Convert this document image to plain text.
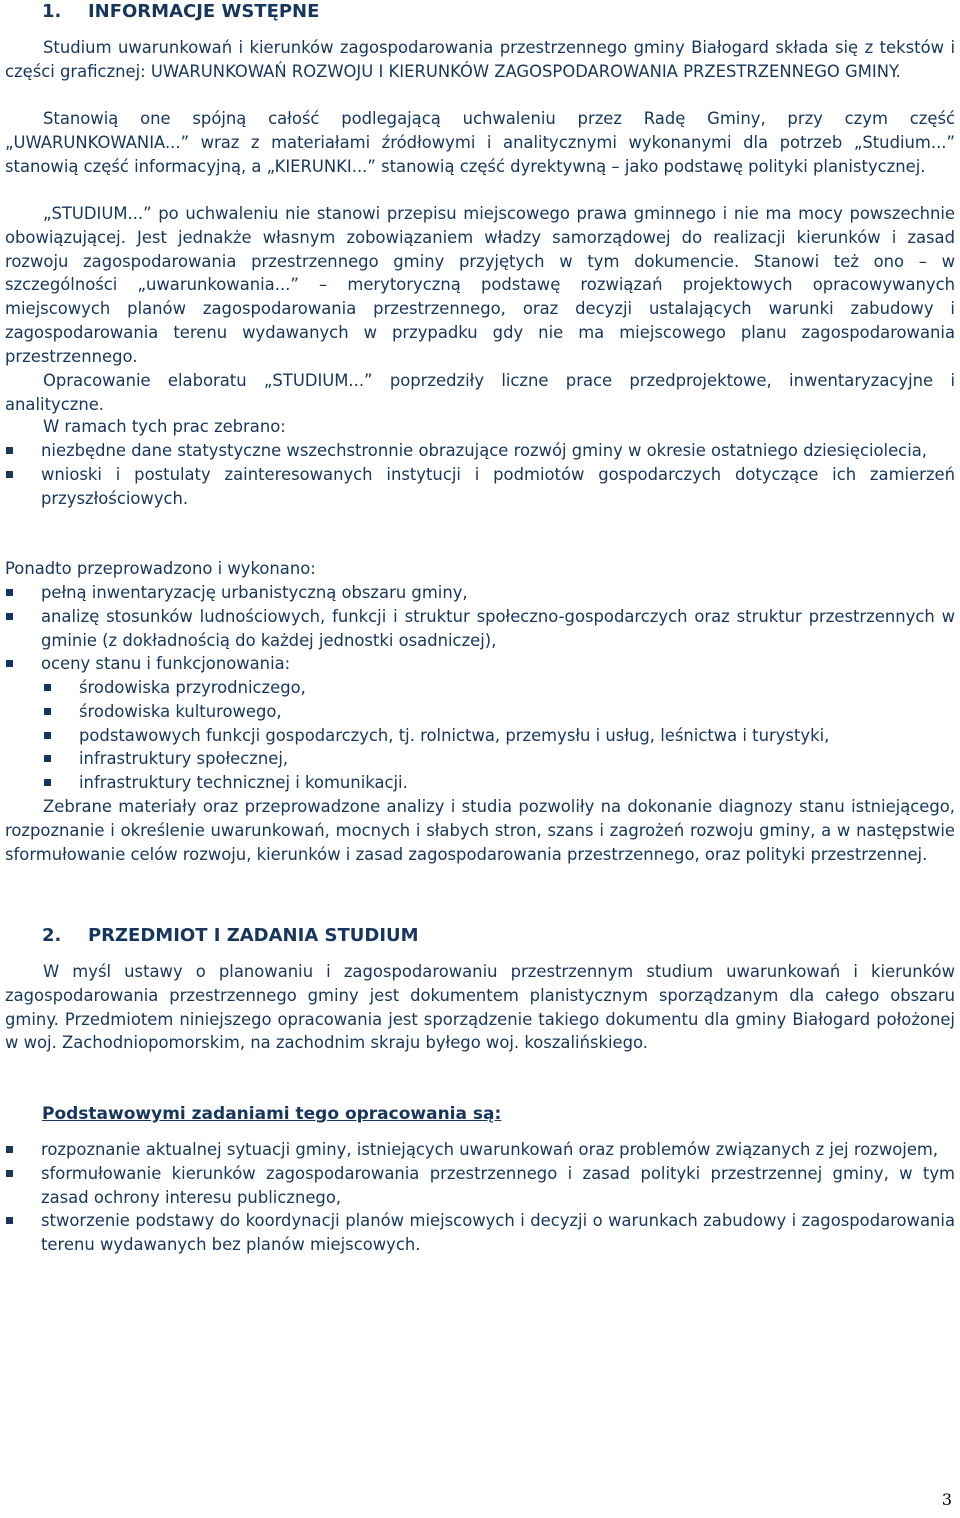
1. INFORMACJE WSTĘPNE
Studium uwarunkowań i kierunków zagospodarowania przestrzennego gminy Białogard składa się z tekstów i części graficznej: UWARUNKOWAŃ ROZWOJU I KIERUNKÓW ZAGOSPODAROWANIA PRZESTRZENNEGO GMINY.
Stanowią one spójną całość podlegającą uchwaleniu przez Radę Gminy, przy czym część „UWARUNKOWANIA...” wraz z materiałami źródłowymi i analitycznymi wykonanymi dla potrzeb „Studium...” stanowią część informacyjną, a „KIERUNKI...” stanowią część dyrektywną – jako podstawę polityki planistycznej.
„STUDIUM...” po uchwaleniu nie stanowi przepisu miejscowego prawa gminnego i nie ma mocy powszechnie obowiązującej. Jest jednakże własnym zobowiązaniem władzy samorządowej do realizacji kierunków i zasad rozwoju zagospodarowania przestrzennego gminy przyjętych w tym dokumencie. Stanowi też ono – w szczególności „uwarunkowania...” – merytoryczną podstawę rozwiązań projektowych opracowywanych miejscowych planów zagospodarowania przestrzennego, oraz decyzji ustalających warunki zabudowy i zagospodarowania terenu wydawanych w przypadku gdy nie ma miejscowego planu zagospodarowania przestrzennego.
Opracowanie elaboratu „STUDIUM...” poprzedziły liczne prace przedprojektowe, inwentaryzacyjne i analityczne.
W ramach tych prac zebrano:
niezbędne dane statystyczne wszechstronnie obrazujące rozwój gminy w okresie ostatniego dziesięciolecia,
wnioski i postulaty zainteresowanych instytucji i podmiotów gospodarczych dotyczące ich zamierzeń przyszłościowych.
Ponadto przeprowadzono i wykonano:
pełną inwentaryzację urbanistyczną obszaru gminy,
analizę stosunków ludnościowych, funkcji i struktur społeczno-gospodarczych oraz struktur przestrzennych w gminie (z dokładnością do każdej jednostki osadniczej),
oceny stanu i funkcjonowania:
środowiska przyrodniczego,
środowiska kulturowego,
podstawowych funkcji gospodarczych, tj. rolnictwa, przemysłu i usług, leśnictwa i turystyki,
infrastruktury społecznej,
infrastruktury technicznej i komunikacji.
Zebrane materiały oraz przeprowadzone analizy i studia pozwoliły na dokonanie diagnozy stanu istniejącego, rozpoznanie i określenie uwarunkowań, mocnych i słabych stron, szans i zagrożeń rozwoju gminy, a w następstwie sformułowanie celów rozwoju, kierunków i zasad zagospodarowania przestrzennego, oraz polityki przestrzennej.
2. PRZEDMIOT I ZADANIA STUDIUM
W myśl ustawy o planowaniu i zagospodarowaniu przestrzennym studium uwarunkowań i kierunków zagospodarowania przestrzennego gminy jest dokumentem planistycznym sporządzanym dla całego obszaru gminy. Przedmiotem niniejszego opracowania jest sporządzenie takiego dokumentu dla gminy Białogard położonej w woj. Zachodniopomorskim, na zachodnim skraju byłego woj. koszalińskiego.
Podstawowymi zadaniami tego opracowania są:
rozpoznanie aktualnej sytuacji gminy, istniejących uwarunkowań oraz problemów związanych z jej rozwojem,
sformułowanie kierunków zagospodarowania przestrzennego i zasad polityki przestrzennej gminy, w tym zasad ochrony interesu publicznego,
stworzenie podstawy do koordynacji planów miejscowych i decyzji o warunkach zabudowy i zagospodarowania terenu wydawanych bez planów miejscowych.
3
